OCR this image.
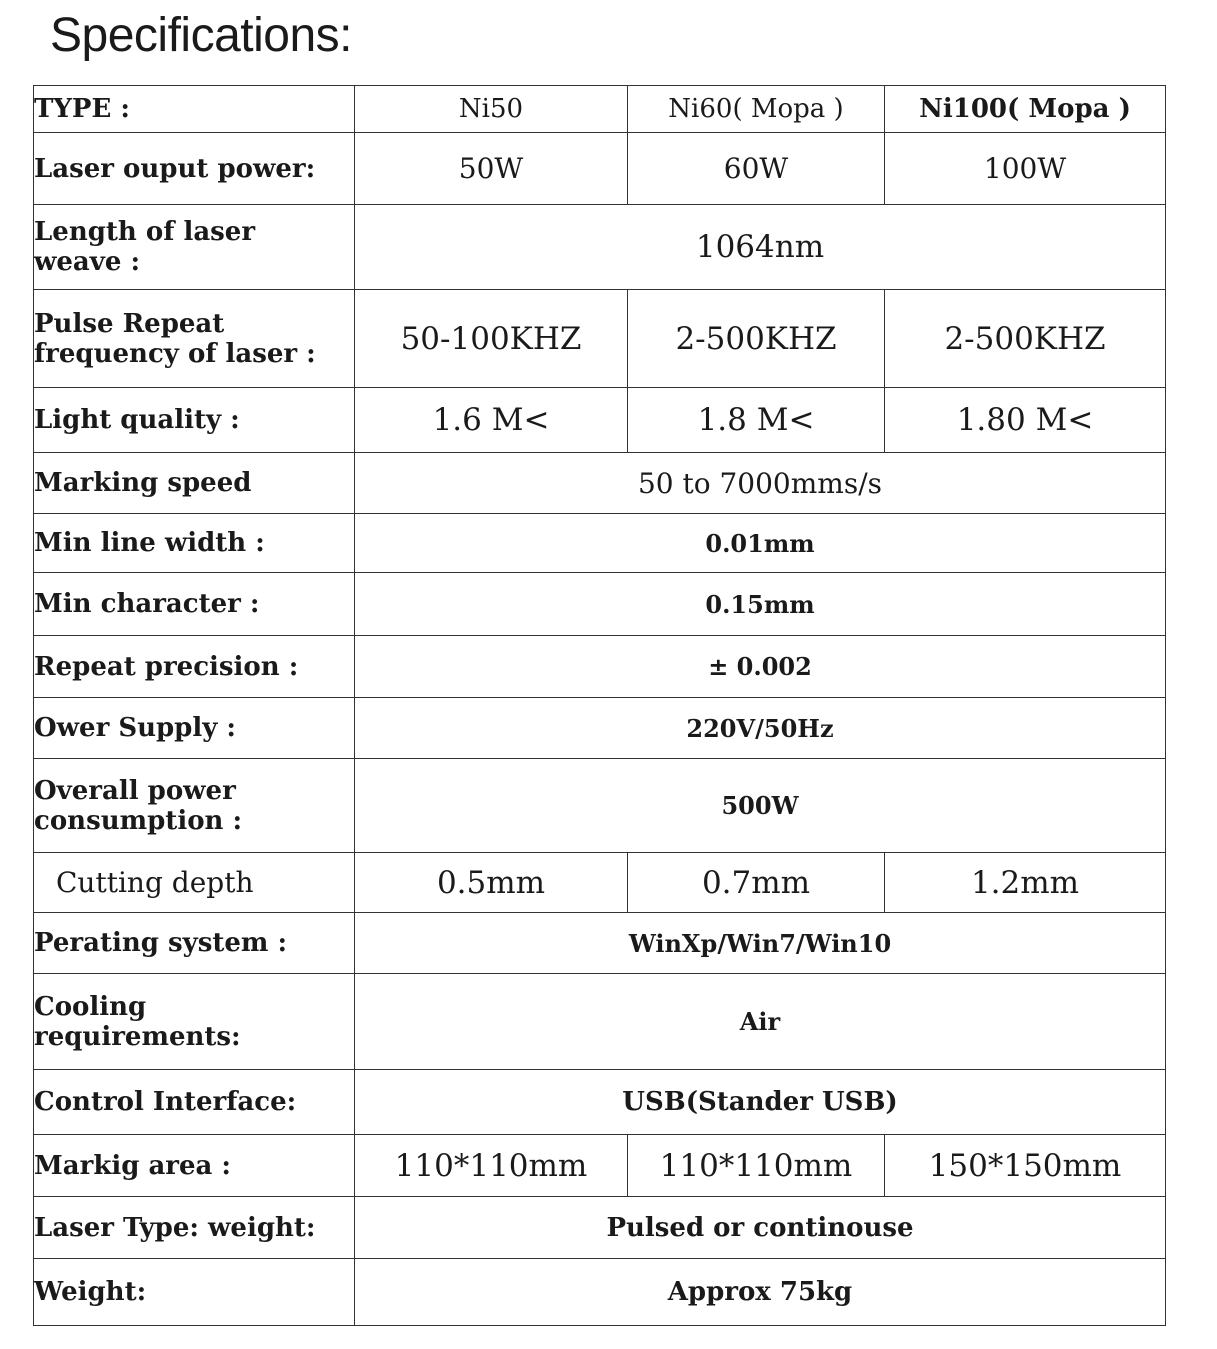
Specifications:
TYPE :	Ni50	Ni60( Mopa )	Ni100( Mopa )
Laser ouput power:	50W	60W	100W

Length of laser
weave :	1064nm		

Pulse Repeat
frequency of laser :	50-100KHZ	2-500KHZ	2-500KHZ
Light quality :	1.6 M<	1.8 M<	1.80 M<
Marking speed	50 to 7000mms/s		
Min line width :	0.01mm		
Min character :	0.15mm		
Repeat precision :	± 0.002		
Ower Supply :	220V/50Hz		

Overall power
consumption :	500W		
Cutting depth	0.5mm	0.7mm	1.2mm
Perating system :	WinXp/Win7/Win10		

Cooling
requirements:	Air		
Control Interface:	USB(Stander USB)		
Markig area :	110*110mm	110*110mm	150*150mm
Laser Type: weight:	Pulsed or continouse		
Weight:	Approx 75kg		
